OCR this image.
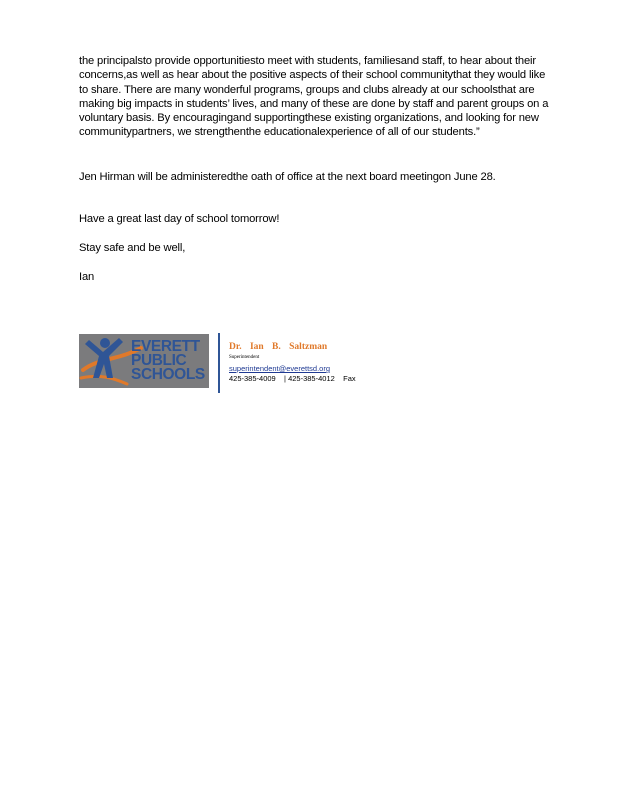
the principalsto provide opportunitiesto meet with students, familiesand staff, to hear about their concerns,as well as hear about the positive aspects of their school communitythat they would like to share. There are many wonderful programs, groups and clubs already at our schoolsthat are making big impacts in students’ lives, and many of these are done by staff and parent groups on a voluntary basis. By encouragingand supportingthese existing organizations, and looking for new communitypartners, we strengthenthe educationalexperience of all of our students.”

Jen Hirman will be administeredthe oath of office at the next board meetingon June 28.

Have a great last day of school tomorrow!

Stay safe and be well,

Ian

EVERETT
PUBLIC
SCHOOLS

Dr. Ian B. Saltzman

Superintendent

superintendent@everettsd.org

425-385-4009    | 425-385-4012    Fax
